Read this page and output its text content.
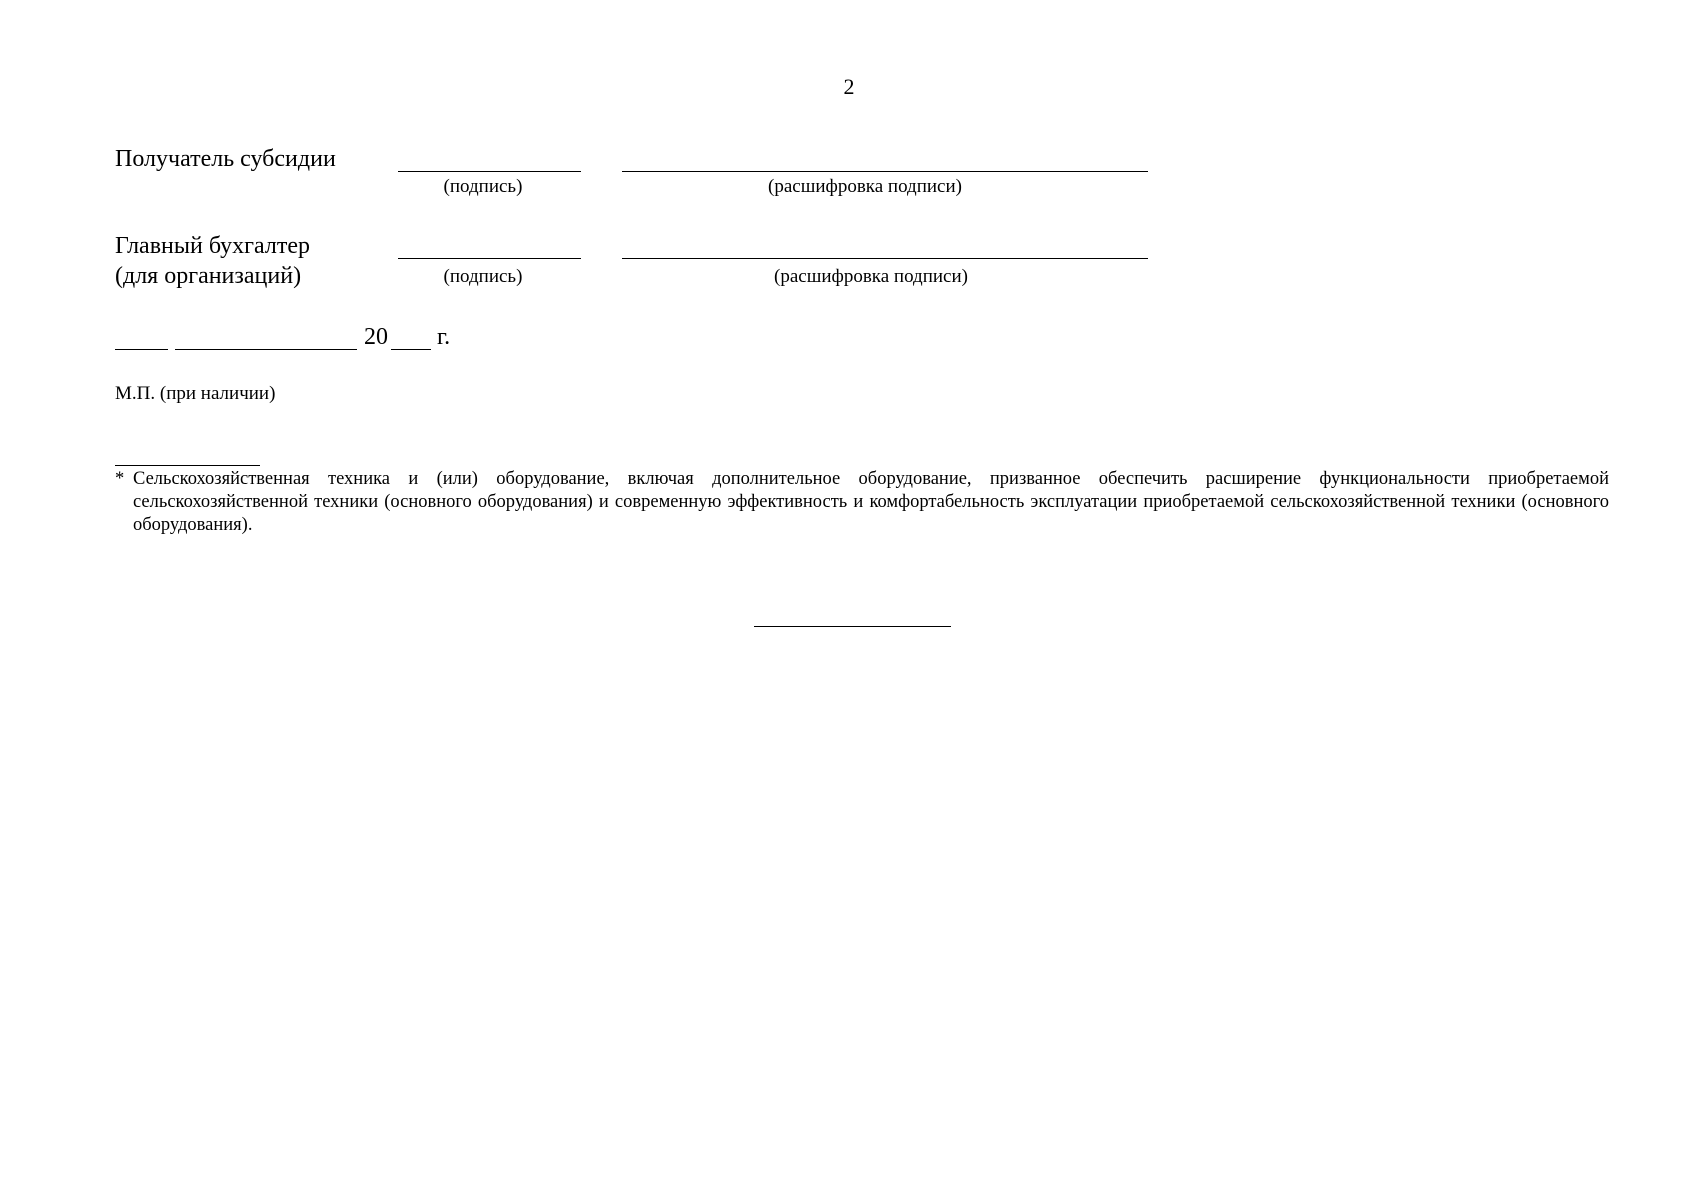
2
Получатель субсидии
(подпись)	(расшифровка подписи)
Главный бухгалтер
(для организаций)	(подпись)	(расшифровка подписи)
20 г.
М.П. (при наличии)
* Сельскохозяйственная техника и (или) оборудование, включая дополнительное оборудование, призванное обеспечить расширение функциональности приобретаемой сельскохозяйственной техники (основного оборудования) и современную эффективность и комфортабельность эксплуатации приобретаемой сельскохозяйственной техники (основного оборудования).
